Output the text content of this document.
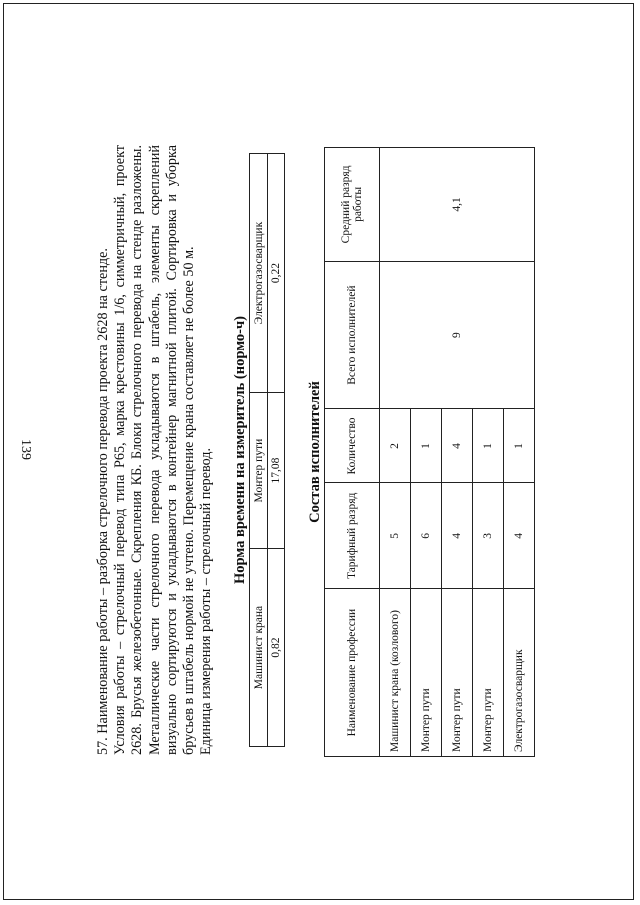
139	57. Наименование работы – разборка стрелочного перевода проекта 2628 на стенде. Условия работы – стрелочный перевод типа Р65, марка крестовины 1/6, симметричный, проект 2628. Брусья железобетонные. Скрепления КБ. Блоки стрелочного перевода на стенде разложены. Металлические части стрелочного перевода укладываются в штабель, элементы скреплений визуально сортируются и укладываются в контейнер магнитной плитой. Сортировка и уборка брусьев в штабель нормой не учтено. Перемещение крана составляет не более 50 м. Единица измерения работы – стрелочный перевод. Норма времени на измеритель (нормо-ч)

Машинист крана	Монтер пути	Электрогазосварщик
0,82	17,08	0,22

Состав исполнителей

Наименование профессии	Тарифный разряд	Количество	Всего исполнителей	Средний разряд работы
Машинист крана (козлового)	5	2	9	4,1
Монтер пути	6	1		
Монтер пути	4	4		
Монтер пути	3	1		
Электрогазосварщик	4	1		
